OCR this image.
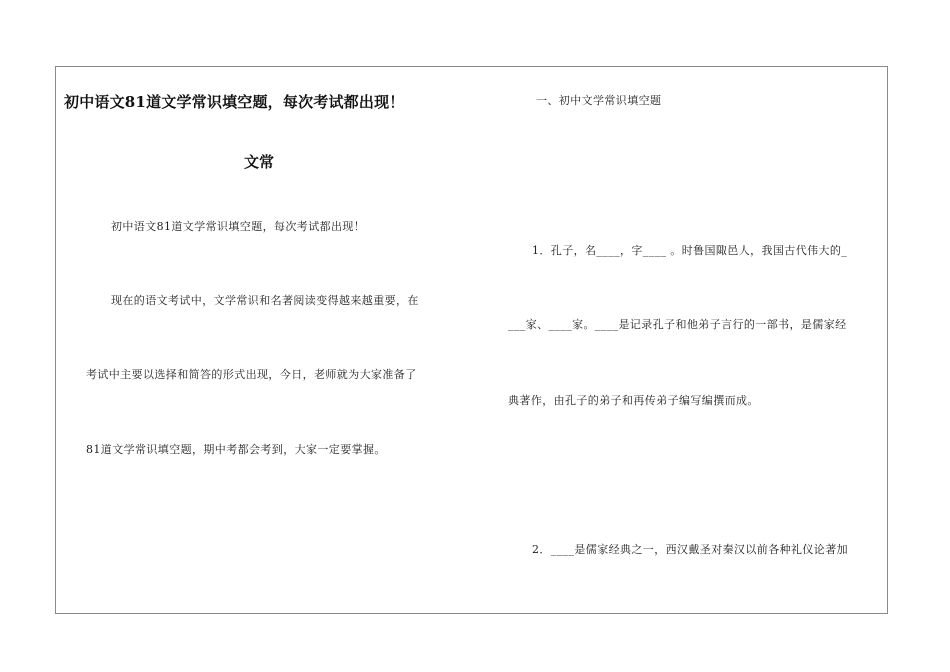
初中语文81道文学常识填空题，每次考试都出现！
文常
初中语文81道文学常识填空题，每次考试都出现！
现在的语文考试中，文学常识和名著阅读变得越来越重要，在
考试中主要以选择和简答的形式出现，今日，老师就为大家准备了
81道文学常识填空题，期中考都会考到，大家一定要掌握。
一、初中文学常识填空题
1．孔子，名____，字____ 。时鲁国陬邑人，我国古代伟大的_
___家、____家。____是记录孔子和他弟子言行的一部书，是儒家经
典著作，由孔子的弟子和再传弟子编写编撰而成。
2．____是儒家经典之一，西汉戴圣对秦汉以前各种礼仪论著加
